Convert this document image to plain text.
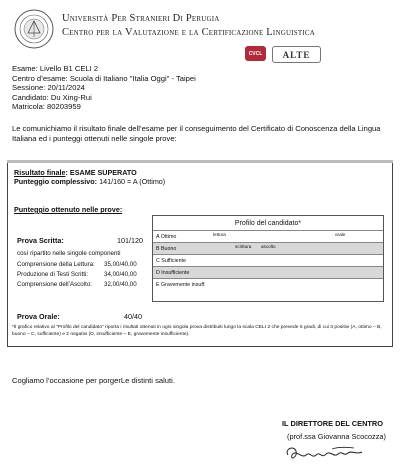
Università Per Stranieri Di Perugia
Centro per la Valutazione e la Certificazione Linguistica
CVCL	ALTE
Esame: Livello B1 CELI 2
Centro d’esame: Scuola di Italiano "Italia Oggi" - Taipei
Sessione: 20/11/2024
Candidato: Du Xing-Rui
Matricola: 80203959
Le comunichiamo il risultato finale dell’esame per il conseguimento del Certificato di Conoscenza della Lingua Italiana ed i punteggi ottenuti nelle singole prove:
Risultato finale: ESAME SUPERATO
Punteggio complessivo: 141/160 = A (Ottimo)
Punteggio ottenuto nelle prove:
Prova Scritta:	101/120
così ripartito nelle singole componenti
Comprensione della Lettura: 35,00/40,00
Produzione di Testi Scritti:	34,00/40,00
Comprensione dell’Ascolto: 32,00/40,00
Prova Orale:	40/40
Profilo del candidato*
A Ottimo	lettura	orale
B Buono	scrittura ascolto
C Sufficiente
D Insufficiente
E Gravemente insuff.
*Il grafico relativo al "Profilo del candidato" riporta i risultati ottenuti in ogni singola prova distribuiti lungo la scala CELI 2 che prevede 5 gradi, di cui 3 positivi (A, ottimo – B, buono – C, sufficiente) e 2 negativi (D, insufficiente – E, gravemente insufficiente).
Cogliamo l’occasione per porgerLe distinti saluti.
IL DIRETTORE DEL CENTRO
(prof.ssa Giovanna Scocozza)
